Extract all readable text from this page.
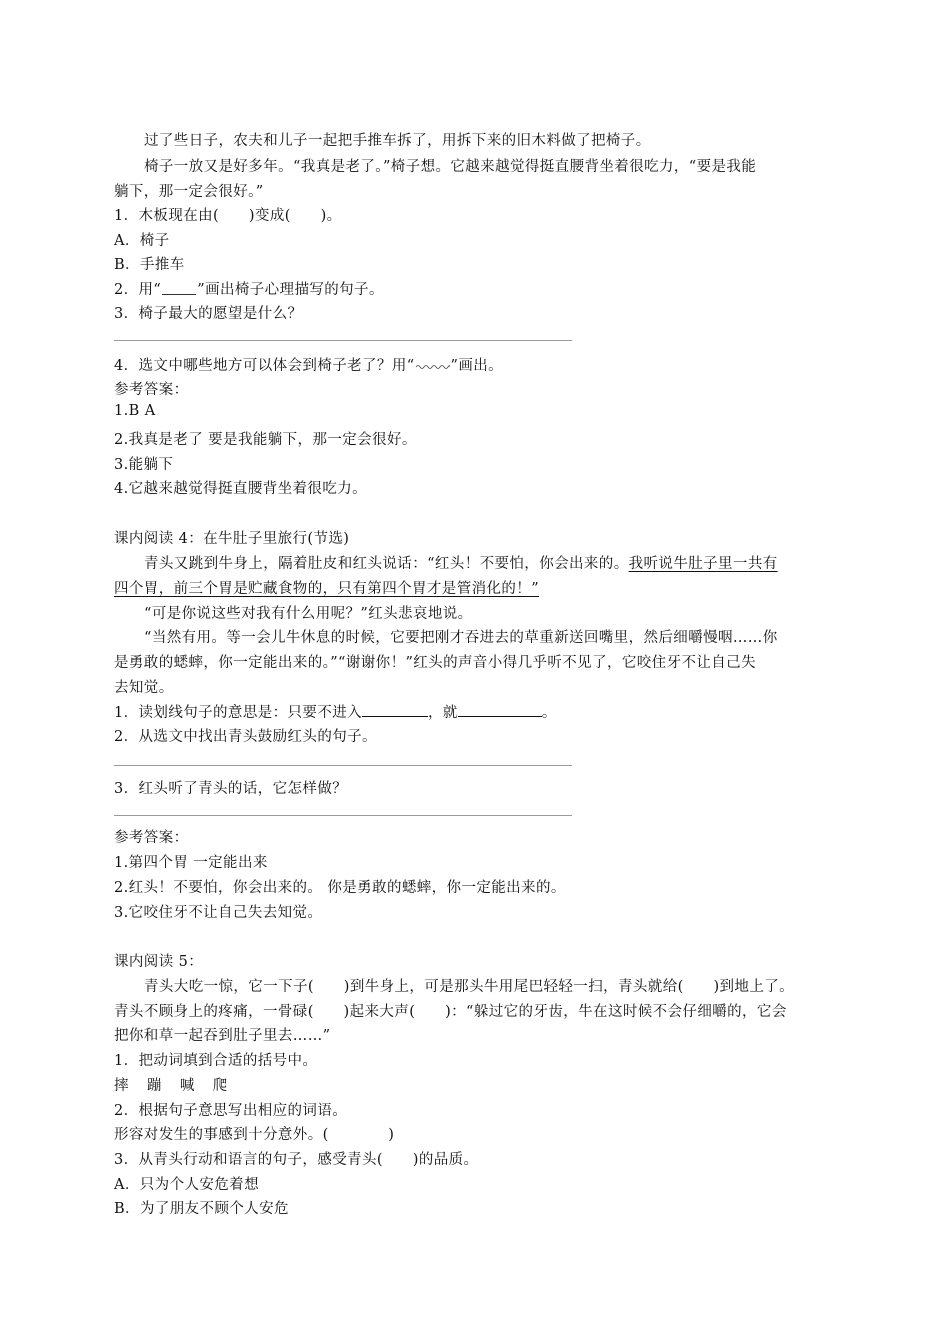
过了些日子，农夫和儿子一起把手推车拆了，用拆下来的旧木料做了把椅子。
椅子一放又是好多年。“我真是老了。”椅子想。它越来越觉得挺直腰背坐着很吃力，“要是我能
躺下，那一定会很好。”
1．木板现在由(　　)变成(　　)。
A．椅子
B．手推车
2．用“ ”画出椅子心理描写的句子。
3．椅子最大的愿望是什么？
4．选文中哪些地方可以体会到椅子老了？用“ ”画出。
参考答案：
1.B A
2.我真是老了 要是我能躺下，那一定会很好。
3.能躺下
4.它越来越觉得挺直腰背坐着很吃力。
课内阅读 4：在牛肚子里旅行(节选)
青头又跳到牛身上，隔着肚皮和红头说话：“红头！不要怕，你会出来的。我听说牛肚子里一共有
四个胃，前三个胃是贮藏食物的，只有第四个胃才是管消化的！”
“可是你说这些对我有什么用呢？”红头悲哀地说。
“当然有用。等一会儿牛休息的时候，它要把刚才吞进去的草重新送回嘴里，然后细嚼慢咽……你
是勇敢的蟋蟀，你一定能出来的。”“谢谢你！”红头的声音小得几乎听不见了，它咬住牙不让自己失
去知觉。
1．读划线句子的意思是：只要不进入	，就	。
2．从选文中找出青头鼓励红头的句子。
3．红头听了青头的话，它怎样做？
参考答案：
1.第四个胃 一定能出来
2.红头！不要怕，你会出来的。 你是勇敢的蟋蟀，你一定能出来的。
3.它咬住牙不让自己失去知觉。
课内阅读 5：
青头大吃一惊，它一下子(　　)到牛身上，可是那头牛用尾巴轻轻一扫，青头就给(　　)到地上了。
青头不顾身上的疼痛，一骨碌(　　)起来大声(　　)：“躲过它的牙齿，牛在这时候不会仔细嚼的，它会
把你和草一起吞到肚子里去……”
1．把动词填到合适的括号中。
摔 蹦 喊 爬
2．根据句子意思写出相应的词语。
形容对发生的事感到十分意外。(　　　　)
3．从青头行动和语言的句子，感受青头(　　)的品质。
A．只为个人安危着想
B．为了朋友不顾个人安危
